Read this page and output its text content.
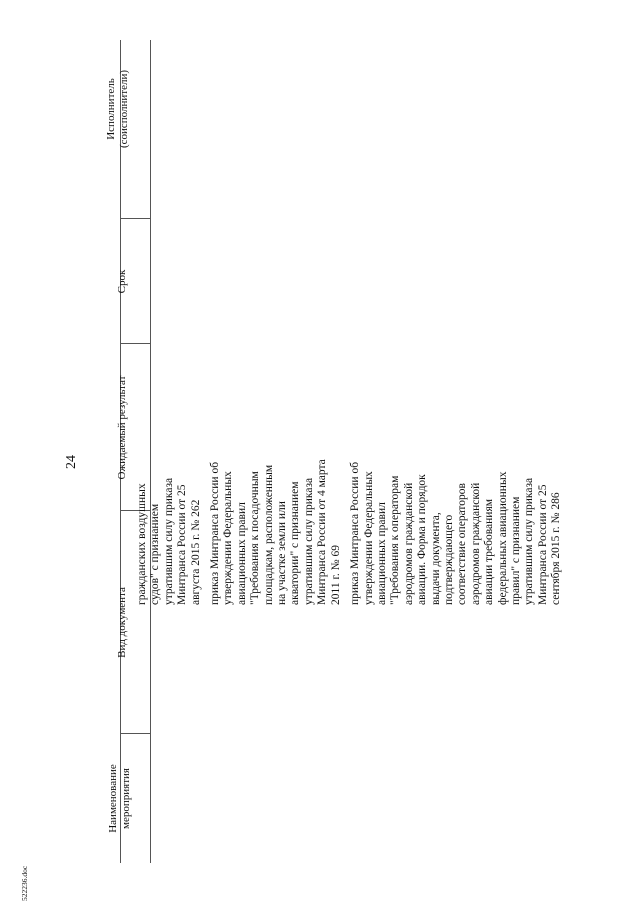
24
522236.doc
Наименование мероприятия
Вид документа
Ожидаемый результат
Срок
Исполнитель (соисполнители)

гражданских воздушных судов" с признанием утратившим силу приказа Минтранса России от 25 августа 2015 г. № 262 приказ Минтранса России об утверждении Федеральных авиационных правил "Требования к посадочным площадкам, расположенным на участке земли или акватории" с признанием утратившим силу приказа Минтранса России от 4 марта 2011 г. № 69 приказ Минтранса России об утверждении Федеральных авиационных правил "Требования к операторам аэродромов гражданской авиации. Форма и порядок выдачи документа, подтверждающего соответствие операторов аэродромов гражданской авиации требованиям федеральных авиационных правил" с признанием утратившим силу приказа Минтранса России от 25 сентября 2015 г. № 286
